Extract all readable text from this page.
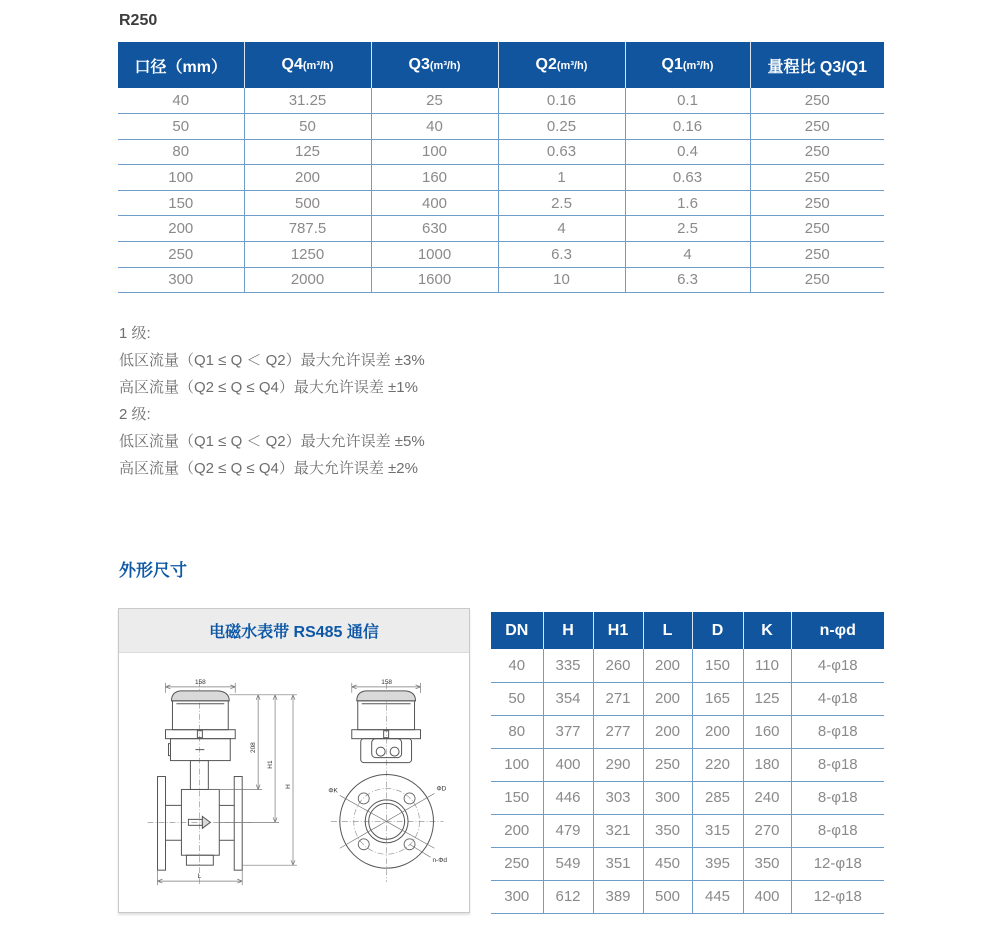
R250
口径（mm）	Q4(m³/h)	Q3(m³/h)	Q2(m³/h)	Q1(m³/h)	量程比 Q3/Q1
40	31.25	25	0.16	0.1	250
50	50	40	0.25	0.16	250
80	125	100	0.63	0.4	250
100	200	160	1	0.63	250
150	500	400	2.5	1.6	250
200	787.5	630	4	2.5	250
250	1250	1000	6.3	4	250
300	2000	1600	10	6.3	250
1 级:
低区流量（Q1 ≤ Q ＜ Q2）最大允许误差 ±3%
高区流量（Q2 ≤ Q ≤ Q4）最大允许误差 ±1%
2 级:
低区流量（Q1 ≤ Q ＜ Q2）最大允许误差 ±5%
高区流量（Q2 ≤ Q ≤ Q4）最大允许误差 ±2%
外形尺寸
电磁水表带 RS485 通信
158
208
H1
H
L
ΦK	ΦD
n-Φd
158
DN	H	H1	L	D	K	n-φd
40	335	260	200	150	110	4-φ18
50	354	271	200	165	125	4-φ18
80	377	277	200	200	160	8-φ18
100	400	290	250	220	180	8-φ18
150	446	303	300	285	240	8-φ18
200	479	321	350	315	270	8-φ18
250	549	351	450	395	350	12-φ18
300	612	389	500	445	400	12-φ18
